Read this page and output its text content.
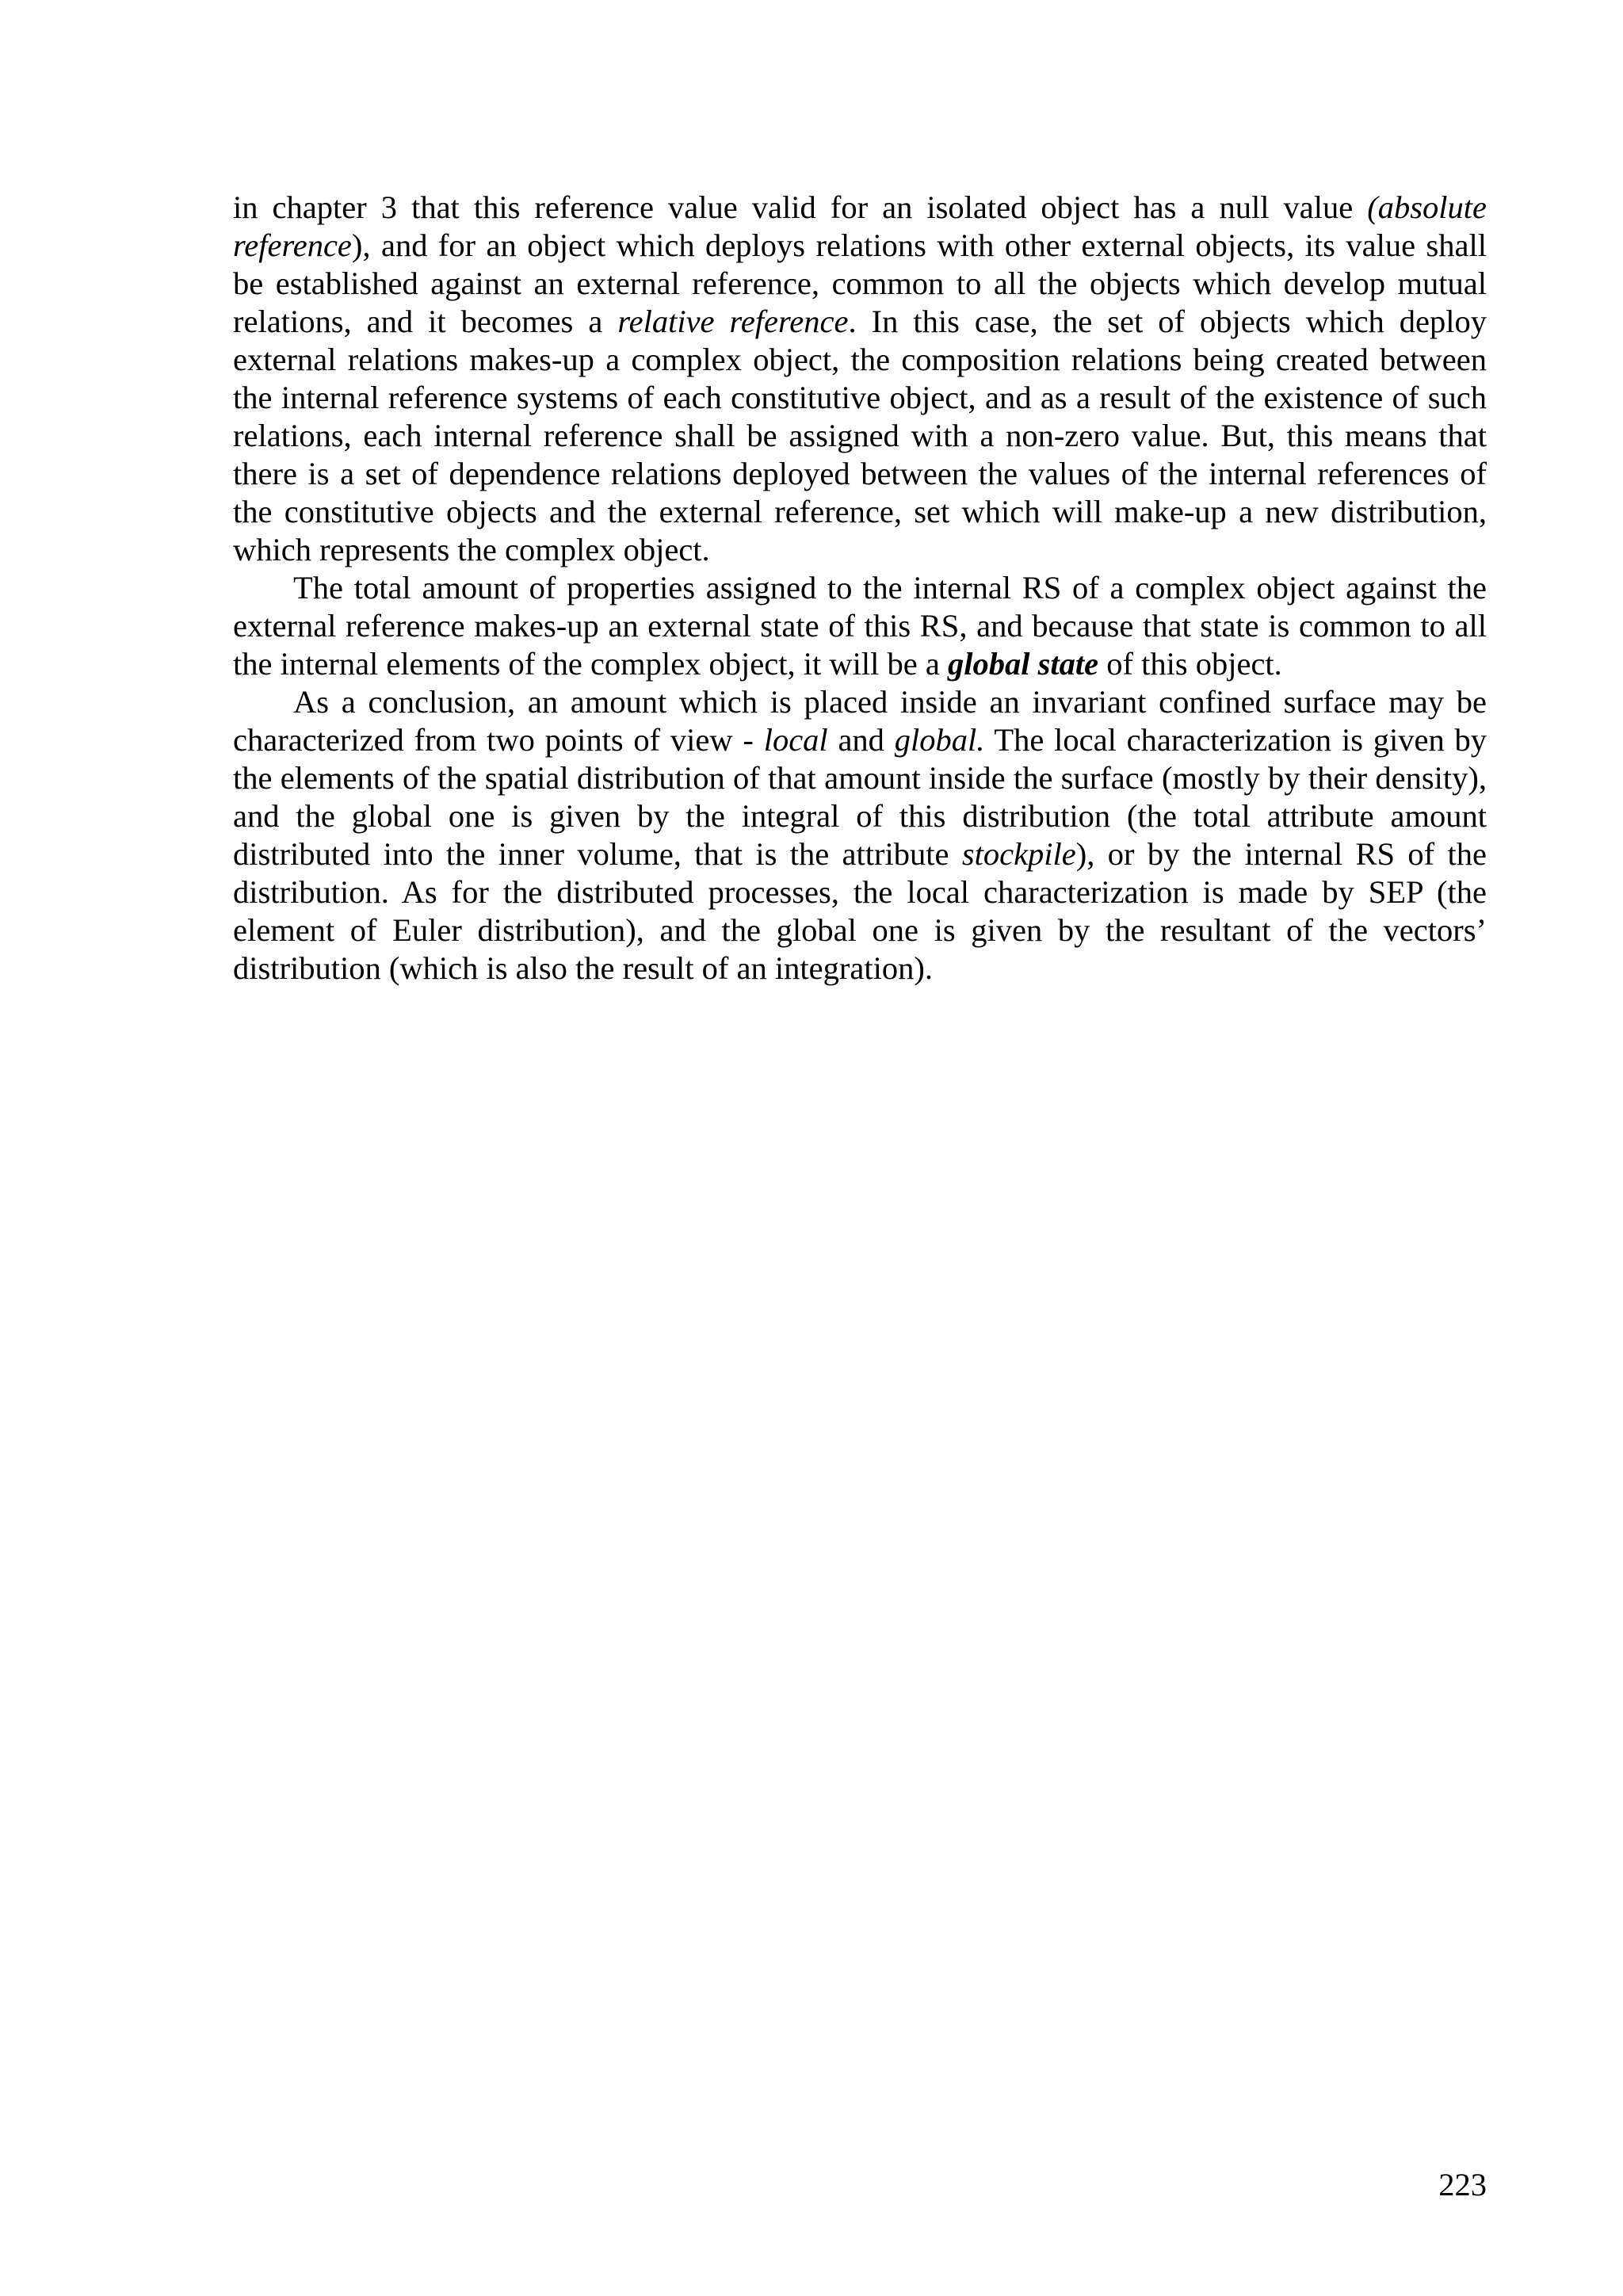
in chapter 3 that this reference value valid for an isolated object has a null value (absolute reference), and for an object which deploys relations with other external objects, its value shall be established against an external reference, common to all the objects which develop mutual relations, and it becomes a relative reference. In this case, the set of objects which deploy external relations makes-up a complex object, the composition relations being created between the internal reference systems of each constitutive object, and as a result of the existence of such relations, each internal reference shall be assigned with a non-zero value. But, this means that there is a set of dependence relations deployed between the values of the internal references of the constitutive objects and the external reference, set which will make-up a new distribution, which represents the complex object.

The total amount of properties assigned to the internal RS of a complex object against the external reference makes-up an external state of this RS, and because that state is common to all the internal elements of the complex object, it will be a global state of this object.

As a conclusion, an amount which is placed inside an invariant confined surface may be characterized from two points of view - local and global. The local characterization is given by the elements of the spatial distribution of that amount inside the surface (mostly by their density), and the global one is given by the integral of this distribution (the total attribute amount distributed into the inner volume, that is the attribute stockpile), or by the internal RS of the distribution. As for the distributed processes, the local characterization is made by SEP (the element of Euler distribution), and the global one is given by the resultant of the vectors’ distribution (which is also the result of an integration).

223
